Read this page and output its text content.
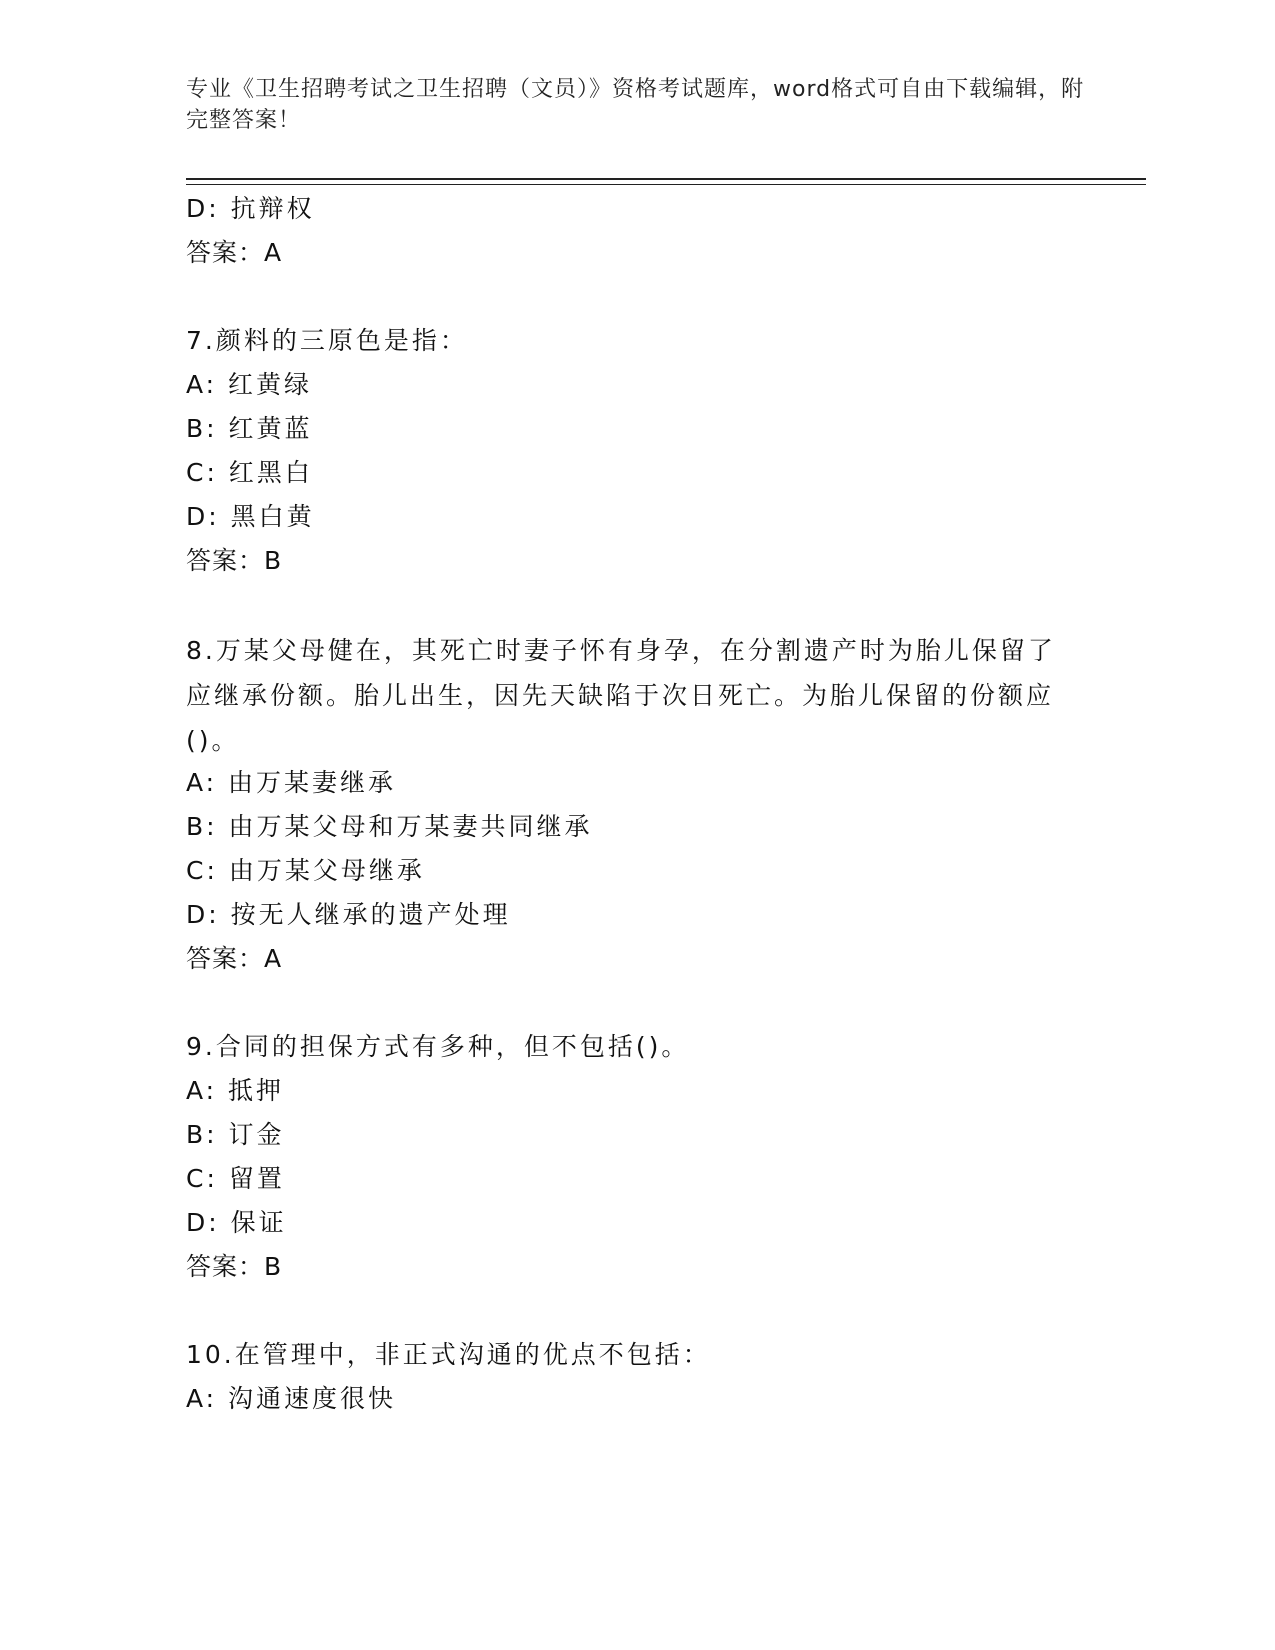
专业《卫生招聘考试之卫生招聘（文员）》资格考试题库，word格式可自由下载编辑，附完整答案！
D: 抗辩权
答案：A
7.颜料的三原色是指：
A: 红黄绿
B: 红黄蓝
C: 红黑白
D: 黑白黄
答案：B
8.万某父母健在，其死亡时妻子怀有身孕，在分割遗产时为胎儿保留了应继承份额。胎儿出生，因先天缺陷于次日死亡。为胎儿保留的份额应()。
A: 由万某妻继承
B: 由万某父母和万某妻共同继承
C: 由万某父母继承
D: 按无人继承的遗产处理
答案：A
9.合同的担保方式有多种，但不包括()。
A: 抵押
B: 订金
C: 留置
D: 保证
答案：B
10.在管理中，非正式沟通的优点不包括：
A: 沟通速度很快
